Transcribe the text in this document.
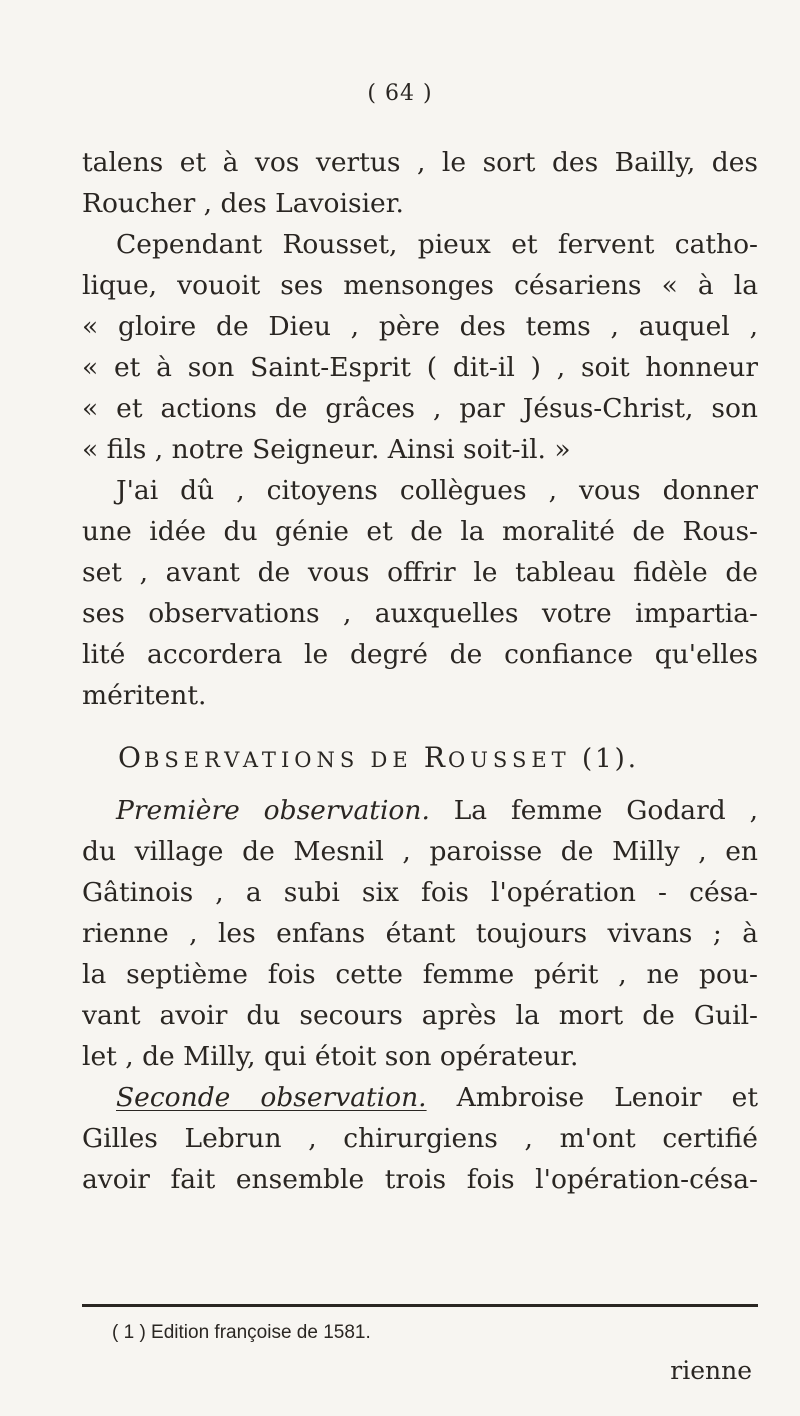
( 64 )
talens et à vos vertus , le sort des Bailly, des
Roucher , des Lavoisier.
Cependant Rousset, pieux et fervent catho-
lique, vouoit ses mensonges césariens « à la
« gloire de Dieu , père des tems , auquel ,
« et à son Saint-Esprit ( dit-il ) , soit honneur
« et actions de grâces , par Jésus-Christ, son
« fils , notre Seigneur. Ainsi soit-il. »
J'ai dû , citoyens collègues , vous donner
une idée du génie et de la moralité de Rous-
set , avant de vous offrir le tableau fidèle de
ses observations , auxquelles votre impartia-
lité accordera le degré de confiance qu'elles
méritent.
OBSERVATIONS DE ROUSSET (1).
Première observation. La femme Godard ,
du village de Mesnil , paroisse de Milly , en
Gâtinois , a subi six fois l'opération - césa-
rienne , les enfans étant toujours vivans ; à
la septième fois cette femme périt , ne pou-
vant avoir du secours après la mort de Guil-
let , de Milly, qui étoit son opérateur.
Seconde observation. Ambroise Lenoir et
Gilles Lebrun , chirurgiens , m'ont certifié
avoir fait ensemble trois fois l'opération-césa-
( 1 ) Edition françoise de 1581.
rienne
